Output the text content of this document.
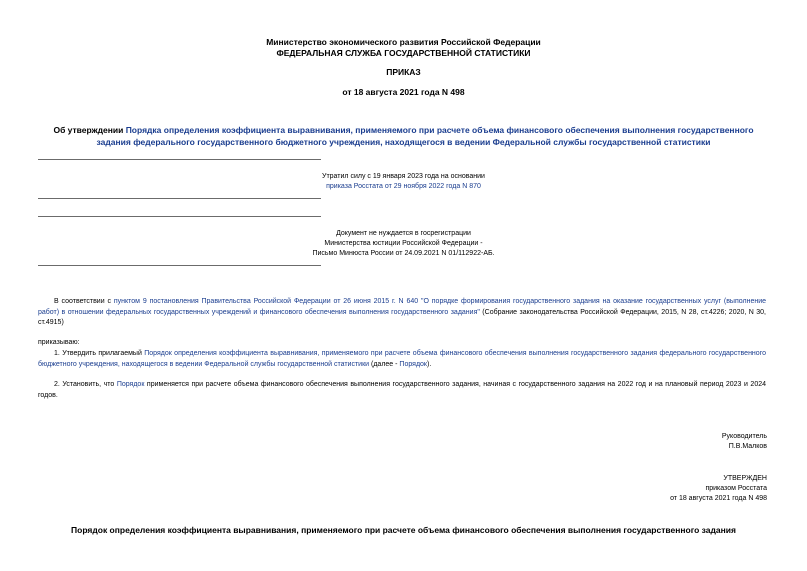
Министерство экономического развития Российской Федерации
ФЕДЕРАЛЬНАЯ СЛУЖБА ГОСУДАРСТВЕННОЙ СТАТИСТИКИ
ПРИКАЗ
от 18 августа 2021 года N 498
Об утверждении Порядка определения коэффициента выравнивания, применяемого при расчете объема финансового обеспечения выполнения государственного задания федерального государственного бюджетного учреждения, находящегося в ведении Федеральной службы государственной статистики
Утратил силу с 19 января 2023 года на основании
приказа Росстата от 29 ноября 2022 года N 870
Документ не нуждается в госрегистрации
Министерства юстиции Российской Федерации -
Письмо Минюста России от 24.09.2021 N 01/112922-АБ.
В соответствии с пунктом 9 постановления Правительства Российской Федерации от 26 июня 2015 г. N 640 "О порядке формирования государственного задания на оказание государственных услуг (выполнение работ) в отношении федеральных государственных учреждений и финансового обеспечения выполнения государственного задания" (Собрание законодательства Российской Федерации, 2015, N 28, ст.4226; 2020, N 30, ст.4915)
приказываю:
1. Утвердить прилагаемый Порядок определения коэффициента выравнивания, применяемого при расчете объема финансового обеспечения выполнения государственного задания федерального государственного бюджетного учреждения, находящегося в ведении Федеральной службы государственной статистики (далее - Порядок).
2. Установить, что Порядок применяется при расчете объема финансового обеспечения выполнения государственного задания, начиная с государственного задания на 2022 год и на плановый период 2023 и 2024 годов.
Руководитель
П.В.Малков
УТВЕРЖДЕН
приказом Росстата
от 18 августа 2021 года N 498
Порядок определения коэффициента выравнивания, применяемого при расчете объема финансового обеспечения выполнения государственного задания
